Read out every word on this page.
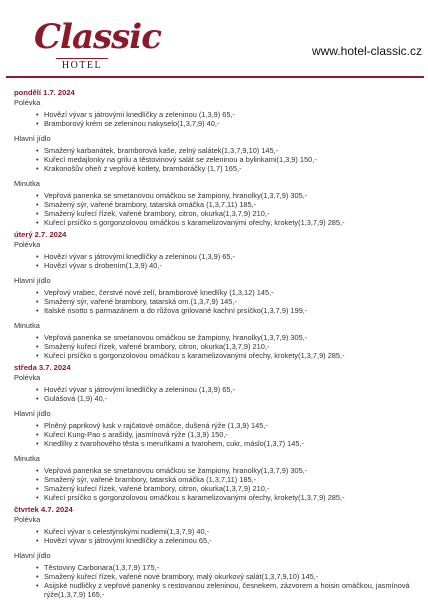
Classic
HOTEL
www.hotel-classic.cz
pondělí 1.7. 2024
Polévka
• Hovězí vývar s játrovými knedlíčky a zeleninou (1,3,9) 65,-
• Bramborový krém se zeleninou nakyselo(1,3,7,9) 40,-
Hlavní jídlo
• Smažený karbanátek, bramborová kaše, zelný salátek(1,3,7,9,10) 145,-
• Kuřecí medajlonky na grilu a těstovinový salát se zeleninou a bylinkami(1,3,9) 150,-
• Krakonošův oheň z vepřové kotlety, bramboráčky (1,7) 165,-
Minutka
• Vepřová panenka se smetanovou omáčkou se žampiony, hranolky(1,3,7,9) 305,-
• Smažený sýr, vařené brambory, tatarská omáčka (1,3,7,11) 185,-
• Smažený kuřecí řízek, vařené brambory, citron, okurka(1,3,7,9) 210,-
• Kuřecí prsíčko s gorgonzolovou omáčkou s karamelizovanými ořechy, krokety(1,3,7,9) 285,-
úterý 2.7. 2024
Polévka
• Hovězí vývar s játrovými knedlíčky a zeleninou (1,3,9) 65,-
• Hovězí vývar s drobením(1,3,9) 40,-
Hlavní jídlo
• Vepřový vrabec, čerstvé nové zelí, bramborové knedlíky (1,3,12) 145,-
• Smažený sýr, vařené brambory, tatarská om.(1,3,7,9) 145,-
• Italské risotto s parmazánem a do růžova grilované kachní prsíčko(1,3,7,9) 199,-
Minutka
• Vepřová panenka se smetanovou omáčkou se žampiony, hranolky(1,3,7,9) 305,-
• Smažený kuřecí řízek, vařené brambory, citron, okurka(1,3,7,9) 210,-
• Kuřecí prsíčko s gorgonzolovou omáčkou s karamelizovanými ořechy, krokety(1,3,7,9) 285,-
středa 3.7. 2024
Polévka
• Hovězí vývar s játrovými knedlíčky a zeleninou (1,3,9) 65,-
• Gulášová (1,9) 40,-
Hlavní jídlo
• Plněný paprikový lusk v rajčatové omáčce, dušená rýže (1,3,9) 145,-
• Kuřecí Kung-Pao s arašídy, jasmínová rýže (1,3,9) 150,-
• Knedlíky z tvarohového těsta s meruňkami a tvarohem, cukr, máslo(1,3,7) 145,-
Minutka
• Vepřová panenka se smetanovou omáčkou se žampiony, hranolky(1,3,7,9) 305,-
• Smažený sýr, vařené brambory, tatarská omáčka (1,3,7,11) 185,-
• Smažený kuřecí řízek, vařené brambory, citron, okurka(1,3,7,9) 210,-
• Kuřecí prsíčko s gorgonzolovou omáčkou s karamelizovanými ořechy, krokety(1,3,7,9) 285,-
čtvrtek 4.7. 2024
Polévka
• Kuřecí vývar s celestýnskými nudlemi(1,3,7,9) 40,-
• Hovězí vývar s játrovými knedlíčky a zeleninou 65,-
Hlavní jídlo
• Těstoviny Carbonara(1,3,7,9) 175,-
• Smažený kuřecí řízek, vařené nové brambory, malý okurkový salát(1,3,7,9,10) 145,-
• Asijské nudličky z vepřové panenky s restovanou zeleninou, česnekem, zázvorem a hoisin omáčkou, jasmínová rýže(1,3,7,9) 165,-
